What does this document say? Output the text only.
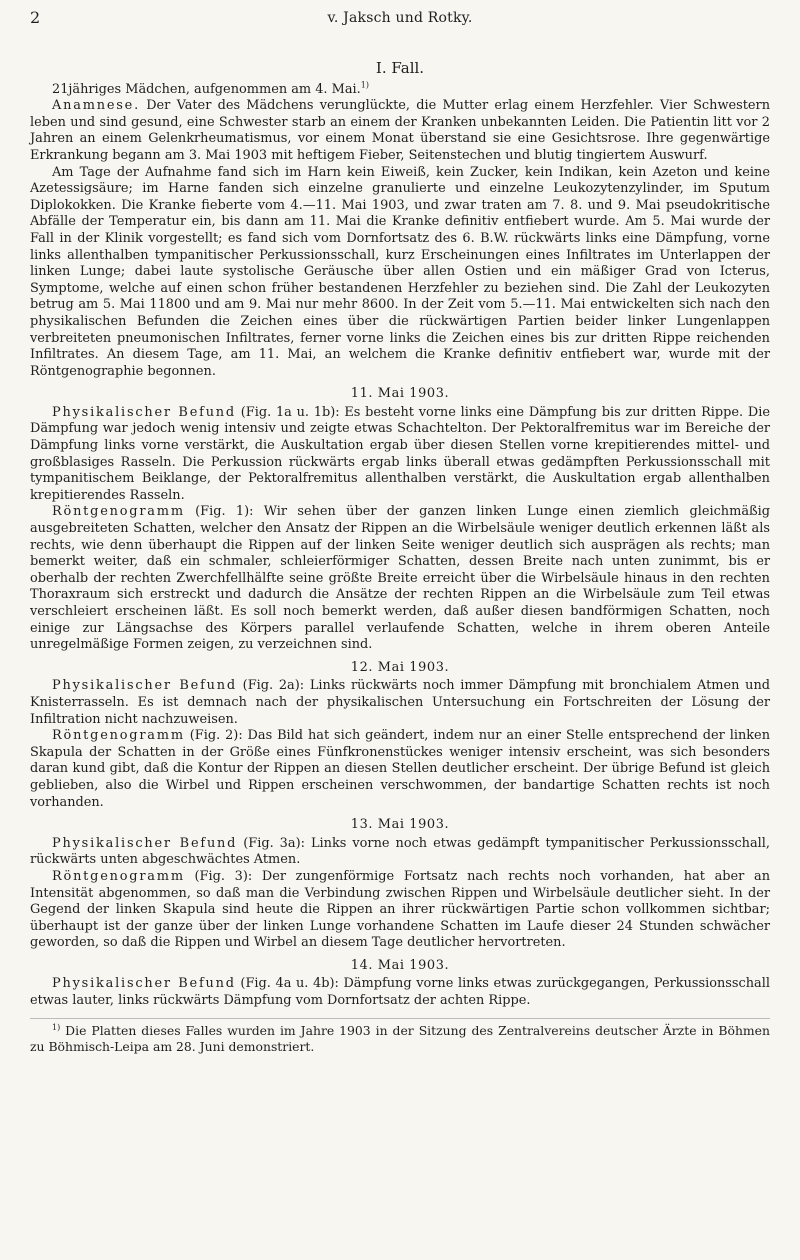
2	v. Jaksch und Rotky.
I. Fall.

21jähriges Mädchen, aufgenommen am 4. Mai.$^{1)}$

Anamnese. Der Vater des Mädchens verunglückte, die Mutter erlag einem Herzfehler. Vier Schwestern leben und sind gesund, eine Schwester starb an einem der Kranken unbekannten Leiden. Die Patientin litt vor 2 Jahren an einem Gelenkrheumatismus, vor einem Monat überstand sie eine Gesichtsrose. Ihre gegenwärtige Erkrankung begann am 3. Mai 1903 mit heftigem Fieber, Seitenstechen und blutig tingiertem Auswurf.

Am Tage der Aufnahme fand sich im Harn kein Eiweiß, kein Zucker, kein Indikan, kein Azeton und keine Azetessigsäure; im Harne fanden sich einzelne granulierte und einzelne Leukozytenzylinder, im Sputum Diplokokken. Die Kranke fieberte vom 4.—11. Mai 1903, und zwar traten am 7. 8. und 9. Mai pseudokritische Abfälle der Temperatur ein, bis dann am 11. Mai die Kranke definitiv entfiebert wurde. Am 5. Mai wurde der Fall in der Klinik vorgestellt; es fand sich vom Dornfortsatz des 6. B.W. rückwärts links eine Dämpfung, vorne links allenthalben tympanitischer Perkussionsschall, kurz Erscheinungen eines Infiltrates im Unterlappen der linken Lunge; dabei laute systolische Geräusche über allen Ostien und ein mäßiger Grad von Icterus, Symptome, welche auf einen schon früher bestandenen Herzfehler zu beziehen sind. Die Zahl der Leukozyten betrug am 5. Mai 11800 und am 9. Mai nur mehr 8600. In der Zeit vom 5.—11. Mai entwickelten sich nach den physikalischen Befunden die Zeichen eines über die rückwärtigen Partien beider linker Lungenlappen verbreiteten pneumonischen Infiltrates, ferner vorne links die Zeichen eines bis zur dritten Rippe reichenden Infiltrates. An diesem Tage, am 11. Mai, an welchem die Kranke definitiv entfiebert war, wurde mit der Röntgenographie begonnen.

11. Mai 1903.

Physikalischer Befund (Fig. 1a u. 1b): Es besteht vorne links eine Dämpfung bis zur dritten Rippe. Die Dämpfung war jedoch wenig intensiv und zeigte etwas Schachtelton. Der Pektoralfremitus war im Bereiche der Dämpfung links vorne verstärkt, die Auskultation ergab über diesen Stellen vorne krepitierendes mittel- und großblasiges Rasseln. Die Perkussion rückwärts ergab links überall etwas gedämpften Perkussionsschall mit tympanitischem Beiklange, der Pektoralfremitus allenthalben verstärkt, die Auskultation ergab allenthalben krepitierendes Rasseln.

Röntgenogramm (Fig. 1): Wir sehen über der ganzen linken Lunge einen ziemlich gleichmäßig ausgebreiteten Schatten, welcher den Ansatz der Rippen an die Wirbelsäule weniger deutlich erkennen läßt als rechts, wie denn überhaupt die Rippen auf der linken Seite weniger deutlich sich ausprägen als rechts; man bemerkt weiter, daß ein schmaler, schleierförmiger Schatten, dessen Breite nach unten zunimmt, bis er oberhalb der rechten Zwerchfellhälfte seine größte Breite erreicht über die Wirbelsäule hinaus in den rechten Thoraxraum sich erstreckt und dadurch die Ansätze der rechten Rippen an die Wirbelsäule zum Teil etwas verschleiert erscheinen läßt. Es soll noch bemerkt werden, daß außer diesen bandförmigen Schatten, noch einige zur Längsachse des Körpers parallel verlaufende Schatten, welche in ihrem oberen Anteile unregelmäßige Formen zeigen, zu verzeichnen sind.

12. Mai 1903.

Physikalischer Befund (Fig. 2a): Links rückwärts noch immer Dämpfung mit bronchialem Atmen und Knisterrasseln. Es ist demnach nach der physikalischen Untersuchung ein Fortschreiten der Lösung der Infiltration nicht nachzuweisen.

Röntgenogramm (Fig. 2): Das Bild hat sich geändert, indem nur an einer Stelle entsprechend der linken Skapula der Schatten in der Größe eines Fünfkronenstückes weniger intensiv erscheint, was sich besonders daran kund gibt, daß die Kontur der Rippen an diesen Stellen deutlicher erscheint. Der übrige Befund ist gleich geblieben, also die Wirbel und Rippen erscheinen verschwommen, der bandartige Schatten rechts ist noch vorhanden.

13. Mai 1903.

Physikalischer Befund (Fig. 3a): Links vorne noch etwas gedämpft tympanitischer Perkussionsschall, rückwärts unten abgeschwächtes Atmen.

Röntgenogramm (Fig. 3): Der zungenförmige Fortsatz nach rechts noch vorhanden, hat aber an Intensität abgenommen, so daß man die Verbindung zwischen Rippen und Wirbelsäule deutlicher sieht. In der Gegend der linken Skapula sind heute die Rippen an ihrer rückwärtigen Partie schon vollkommen sichtbar; überhaupt ist der ganze über der linken Lunge vorhandene Schatten im Laufe dieser 24 Stunden schwächer geworden, so daß die Rippen und Wirbel an diesem Tage deutlicher hervortreten.

14. Mai 1903.

Physikalischer Befund (Fig. 4a u. 4b): Dämpfung vorne links etwas zurückgegangen, Perkussionsschall etwas lauter, links rückwärts Dämpfung vom Dornfortsatz der achten Rippe.

$^{1)}$ Die Platten dieses Falles wurden im Jahre 1903 in der Sitzung des Zentralvereins deutscher Ärzte in Böhmen zu Böhmisch-Leipa am 28. Juni demonstriert.
